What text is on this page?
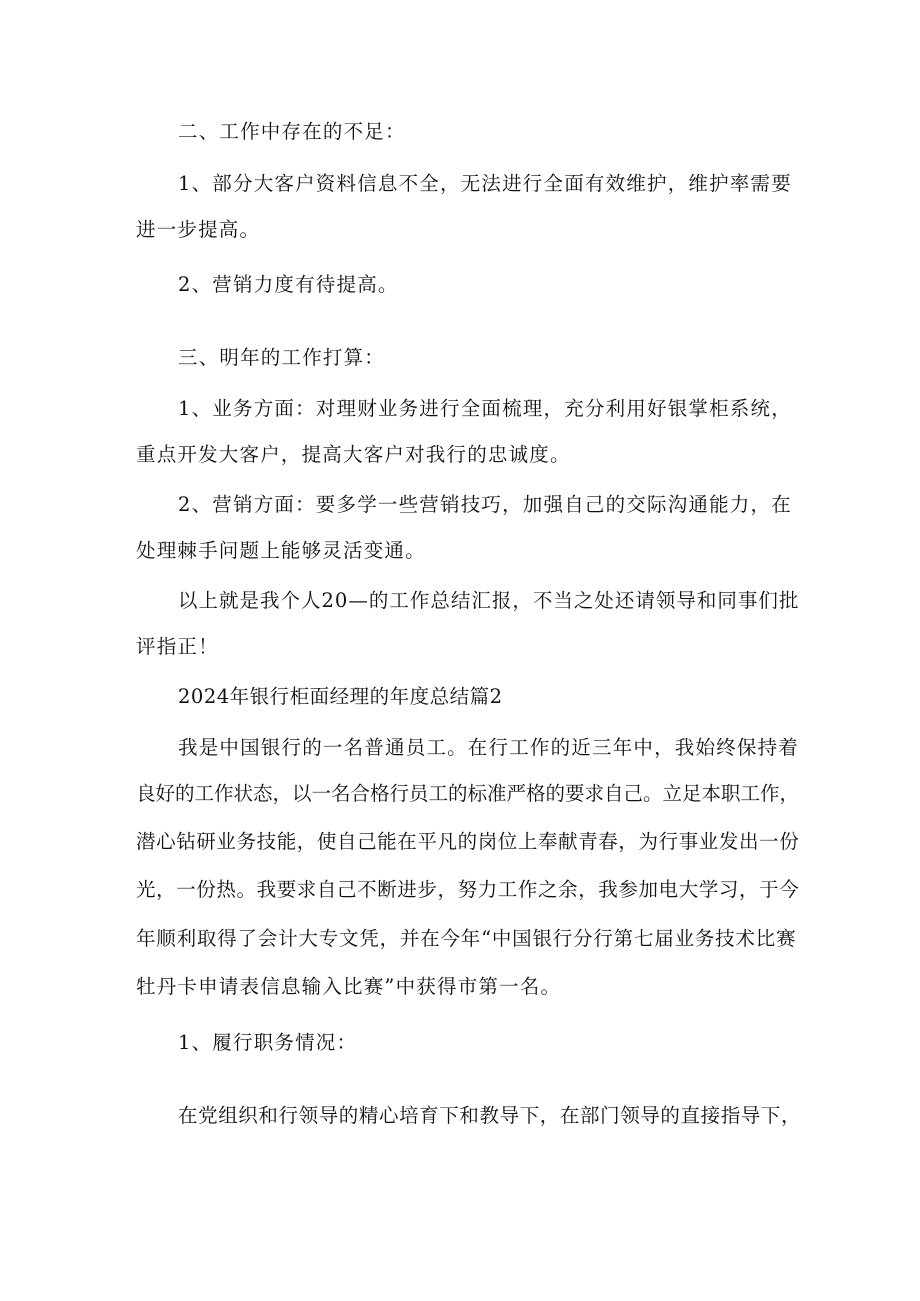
二、工作中存在的不足：
1、部分大客户资料信息不全，无法进行全面有效维护，维护率需要
进一步提高。
2、营销力度有待提高。
三、明年的工作打算：
1、业务方面：对理财业务进行全面梳理，充分利用好银掌柜系统，
重点开发大客户，提高大客户对我行的忠诚度。
2、营销方面：要多学一些营销技巧，加强自己的交际沟通能力，在
处理棘手问题上能够灵活变通。
以上就是我个人20—的工作总结汇报，不当之处还请领导和同事们批
评指正！
2024年银行柜面经理的年度总结篇2
我是中国银行的一名普通员工。在行工作的近三年中，我始终保持着
良好的工作状态，以一名合格行员工的标准严格的要求自己。立足本职工作，
潜心钻研业务技能，使自己能在平凡的岗位上奉献青春，为行事业发出一份
光，一份热。我要求自己不断进步，努力工作之余，我参加电大学习，于今
年顺利取得了会计大专文凭，并在今年“中国银行分行第七届业务技术比赛
牡丹卡申请表信息输入比赛”中获得市第一名。
1、履行职务情况：
在党组织和行领导的精心培育下和教导下，在部门领导的直接指导下，
